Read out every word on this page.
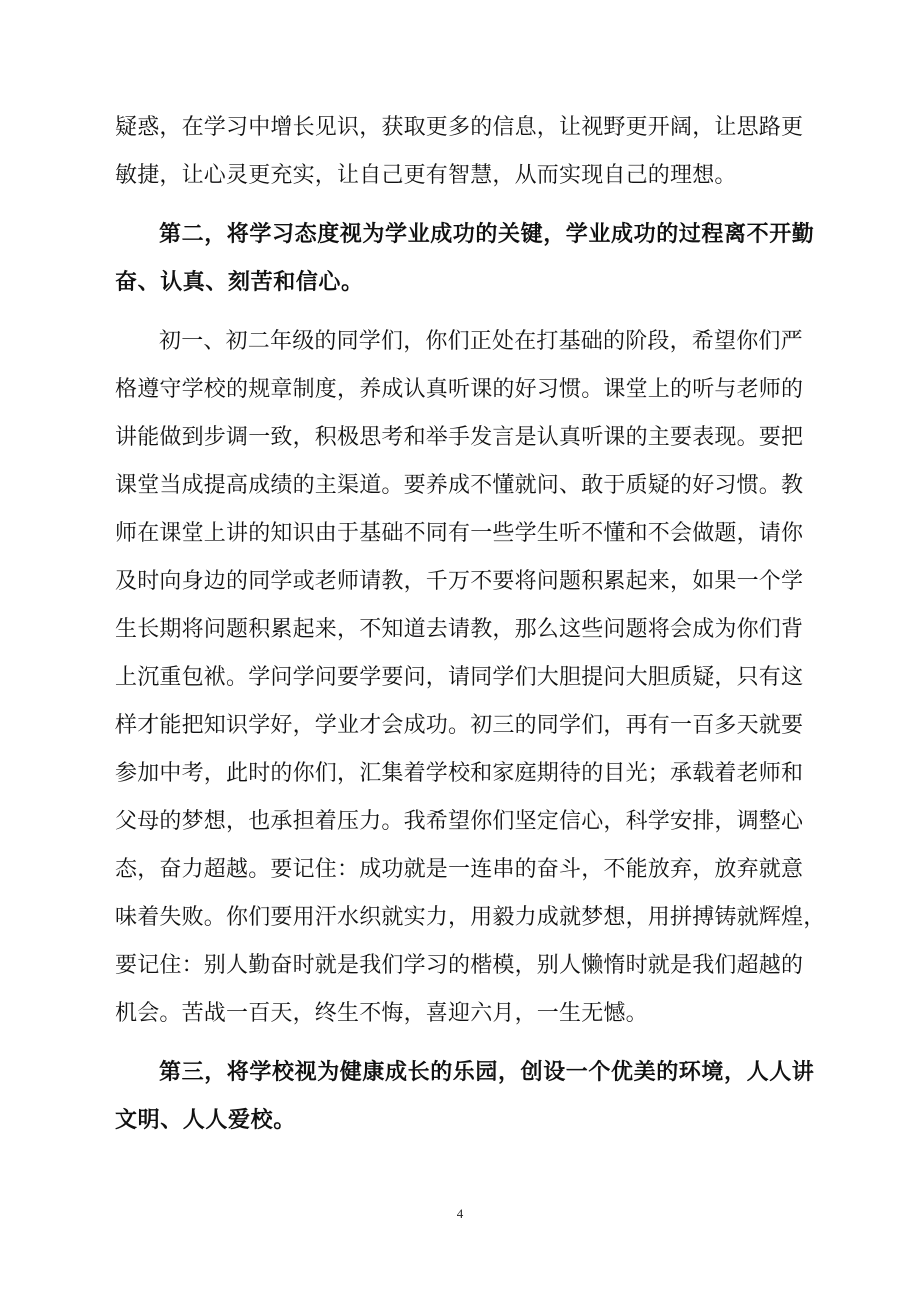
疑惑，在学习中增长见识，获取更多的信息，让视野更开阔，让思路更
敏捷，让心灵更充实，让自己更有智慧，从而实现自己的理想。
第二，将学习态度视为学业成功的关键，学业成功的过程离不开勤
奋、认真、刻苦和信心。
初一、初二年级的同学们，你们正处在打基础的阶段，希望你们严
格遵守学校的规章制度，养成认真听课的好习惯。课堂上的听与老师的
讲能做到步调一致，积极思考和举手发言是认真听课的主要表现。要把
课堂当成提高成绩的主渠道。要养成不懂就问、敢于质疑的好习惯。教
师在课堂上讲的知识由于基础不同有一些学生听不懂和不会做题，请你
及时向身边的同学或老师请教，千万不要将问题积累起来，如果一个学
生长期将问题积累起来，不知道去请教，那么这些问题将会成为你们背
上沉重包袱。学问学问要学要问，请同学们大胆提问大胆质疑，只有这
样才能把知识学好，学业才会成功。初三的同学们，再有一百多天就要
参加中考，此时的你们，汇集着学校和家庭期待的目光；承载着老师和
父母的梦想，也承担着压力。我希望你们坚定信心，科学安排，调整心
态，奋力超越。要记住：成功就是一连串的奋斗，不能放弃，放弃就意
味着失败。你们要用汗水织就实力，用毅力成就梦想，用拼搏铸就辉煌，
要记住：别人勤奋时就是我们学习的楷模，别人懒惰时就是我们超越的
机会。苦战一百天，终生不悔，喜迎六月，一生无憾。
第三，将学校视为健康成长的乐园，创设一个优美的环境，人人讲
文明、人人爱校。
4
